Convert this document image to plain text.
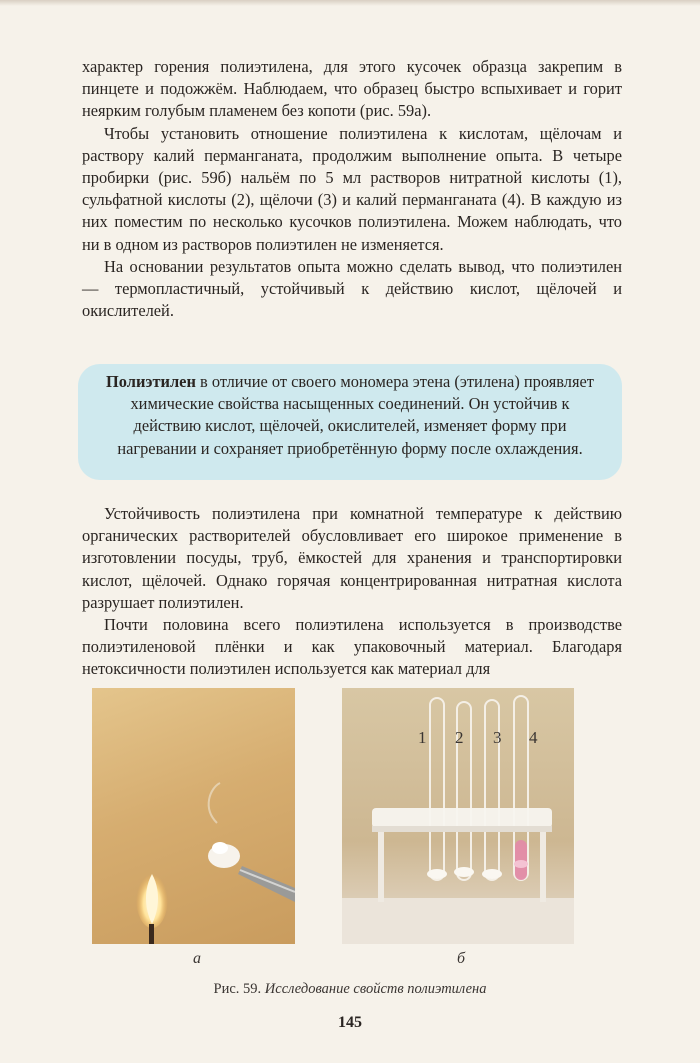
характер горения полиэтилена, для этого кусочек образца закрепим в пинцете и подожжём. Наблюдаем, что образец быстро вспыхивает и горит неярким голубым пламенем без копоти (рис. 59а).

Чтобы установить отношение полиэтилена к кислотам, щёлочам и раствору калий перманганата, продолжим выполнение опыта. В четыре пробирки (рис. 59б) нальём по 5 мл растворов нитратной кислоты (1), сульфатной кислоты (2), щёлочи (3) и калий перманганата (4). В каждую из них поместим по несколько кусочков полиэтилена. Можем наблюдать, что ни в одном из растворов полиэтилен не изменяется.

На основании результатов опыта можно сделать вывод, что полиэтилен — термопластичный, устойчивый к действию кислот, щёлочей и окислителей.

Полиэтилен в отличие от своего мономера этена (этилена) проявляет химические свойства насыщенных соединений. Он устойчив к действию кислот, щёлочей, окислителей, изменяет форму при нагревании и сохраняет приобретённую форму после охлаждения.

Устойчивость полиэтилена при комнатной температуре к действию органических растворителей обусловливает его широкое применение в изготовлении посуды, труб, ёмкостей для хранения и транспортировки кислот, щёлочей. Однако горячая концентрированная нитратная кислота разрушает полиэтилен.

Почти половина всего полиэтилена используется в производстве полиэтиленовой плёнки и как упаковочный материал. Благодаря нетоксичности полиэтилен используется как материал для

1 2 3 4
а	б
Рис. 59. Исследование свойств полиэтилена
145
